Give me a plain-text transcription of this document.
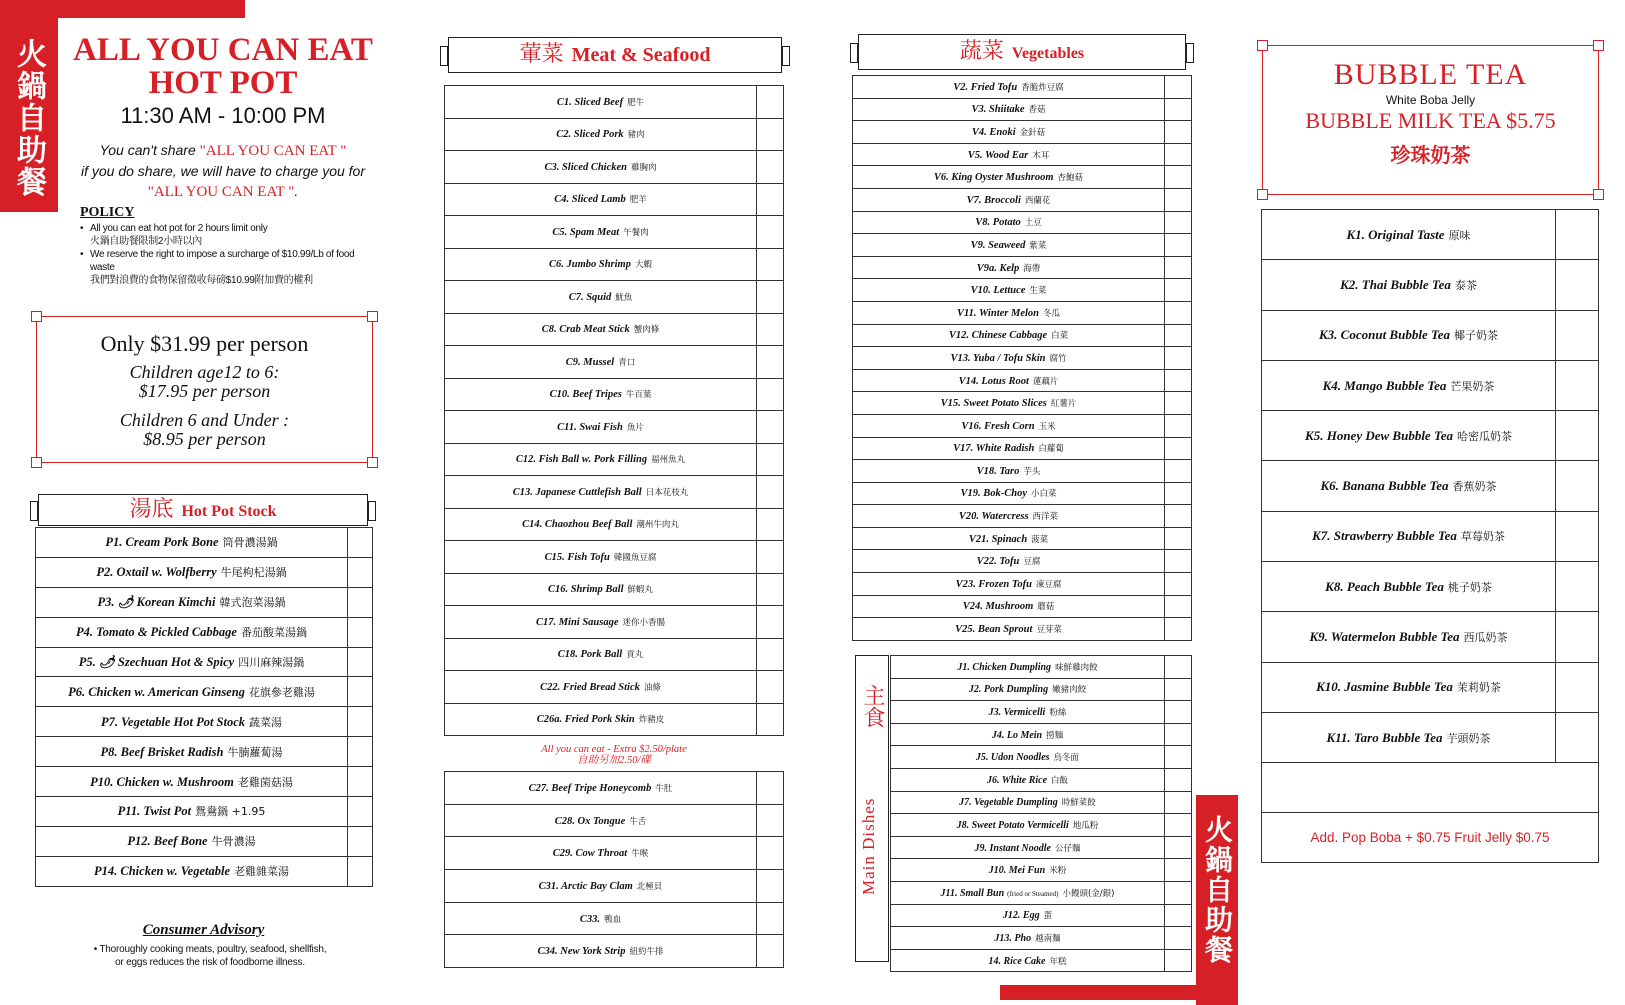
火鍋自助餐 ALL YOU CAN EAT
HOT POT
11:30 AM - 10:00 PM
You can't share "ALL YOU CAN EAT "
if you do share, we will have to charge you for
"ALL YOU CAN EAT ".
POLICY
• All you can eat hot pot for 2 hours limit only
火鍋自助餐限制2小時以內
• We reserve the right to impose a surcharge of $10.99/Lb of food waste
我們對浪費的食物保留徵收每磅$10.99附加費的權利
Only $31.99 per person
Children age12 to 6:
$17.95 per person
Children 6 and Under :
$8.95 per person
湯底 Hot Pot Stock
P1. Cream Pork Bone 筒骨濃湯鍋	
P2. Oxtail w. Wolfberry 牛尾枸杞湯鍋	
P3. 🌶 Korean Kimchi 韓式泡菜湯鍋	
P4. Tomato & Pickled Cabbage 番茄酸菜湯鍋	
P5. 🌶 Szechuan Hot & Spicy 四川麻辣湯鍋	
P6. Chicken w. American Ginseng 花旗參老雞湯	
P7. Vegetable Hot Pot Stock 蔬菜湯	
P8. Beef Brisket Radish 牛腩蘿蔔湯	
P10. Chicken w. Mushroom 老雞菌菇湯	
P11. Twist Pot 鴛鴦鍋 +1.95	
P12. Beef Bone 牛骨濃湯	
P14. Chicken w. Vegetable 老雞雜菜湯	
Consumer Advisory
• Thoroughly cooking meats, poultry, seafood, shellfish,
or eggs reduces the risk of foodborne illness.
葷菜 Meat & Seafood
C1. Sliced Beef 肥牛	
C2. Sliced Pork 豬肉	
C3. Sliced Chicken 雞胸肉	
C4. Sliced Lamb 肥羊	
C5. Spam Meat 午餐肉	
C6. Jumbo Shrimp 大蝦	
C7. Squid 魷魚	
C8. Crab Meat Stick 蟹肉條	
C9. Mussel 青口	
C10. Beef Tripes 牛百葉	
C11. Swai Fish 魚片	
C12. Fish Ball w. Pork Filling 福州魚丸	
C13. Japanese Cuttlefish Ball 日本花枝丸	
C14. Chaozhou Beef Ball 潮州牛肉丸	
C15. Fish Tofu 韓國魚豆腐	
C16. Shrimp Ball 鮮蝦丸	
C17. Mini Sausage 迷你小香腸	
C18. Pork Ball 貢丸	
C22. Fried Bread Stick 油條	
C26a. Fried Pork Skin 炸豬皮	
All you can eat - Extra $2.50/plate
自助另加2.50/碟
C27. Beef Tripe Honeycomb 牛肚	
C28. Ox Tongue 牛舌	
C29. Cow Throat 牛喉	
C31. Arctic Bay Clam 北極貝	
C33. 鴨血	
C34. New York Strip 紐約牛排	
蔬菜 Vegetables
V2. Fried Tofu 香脆炸豆腐	
V3. Shiitake 香菇	
V4. Enoki 金針菇	
V5. Wood Ear 木耳	
V6. King Oyster Mushroom 杏鮑菇	
V7. Broccoli 西蘭花	
V8. Potato 土豆	
V9. Seaweed 紫菜	
V9a. Kelp 海帶	
V10. Lettuce 生菜	
V11. Winter Melon 冬瓜	
V12. Chinese Cabbage 白菜	
V13. Yuba / Tofu Skin 腐竹	
V14. Lotus Root 蓮藕片	
V15. Sweet Potato Slices 紅薯片	
V16. Fresh Corn 玉米	
V17. White Radish 白蘿蔔	
V18. Taro 芋头	
V19. Bok-Choy 小白菜	
V20. Watercress 西洋菜	
V21. Spinach 菠菜	
V22. Tofu 豆腐	
V23. Frozen Tofu 凍豆腐	
V24. Mushroom 蘑菇	
V25. Bean Sprout 豆芽菜	
主食
Main Dishes
J1. Chicken Dumpling 味鮮雞肉餃	
J2. Pork Dumpling 嫩豬肉餃	
J3. Vermicelli 粉絲	
J4. Lo Mein 撈麵	
J5. Udon Noodles 烏冬面	
J6. White Rice 白飯	
J7. Vegetable Dumpling 時鮮菜餃	
J8. Sweet Potato Vermicelli 地瓜粉	
J9. Instant Noodle 公仔麵	
J10. Mei Fun 米粉	
J11. Small Bun (fried or Steamed) 小饅頭(金/銀)	
J12. Egg 蛋	
J13. Pho 越南麵	
14. Rice Cake 年糕		火鍋自助餐
BUBBLE TEA
White Boba Jelly
BUBBLE MILK TEA $5.75
珍珠奶茶
K1. Original Taste 原味	
K2. Thai Bubble Tea 泰茶	
K3. Coconut Bubble Tea 椰子奶茶	
K4. Mango Bubble Tea 芒果奶茶	
K5. Honey Dew Bubble Tea 哈密瓜奶茶	
K6. Banana Bubble Tea 香蕉奶茶	
K7. Strawberry Bubble Tea 草莓奶茶	
K8. Peach Bubble Tea 桃子奶茶	
K9. Watermelon Bubble Tea 西瓜奶茶	
K10. Jasmine Bubble Tea 茉莉奶茶	
K11. Taro Bubble Tea 芋頭奶茶	

Add. Pop Boba + $0.75 Fruit Jelly $0.75	
